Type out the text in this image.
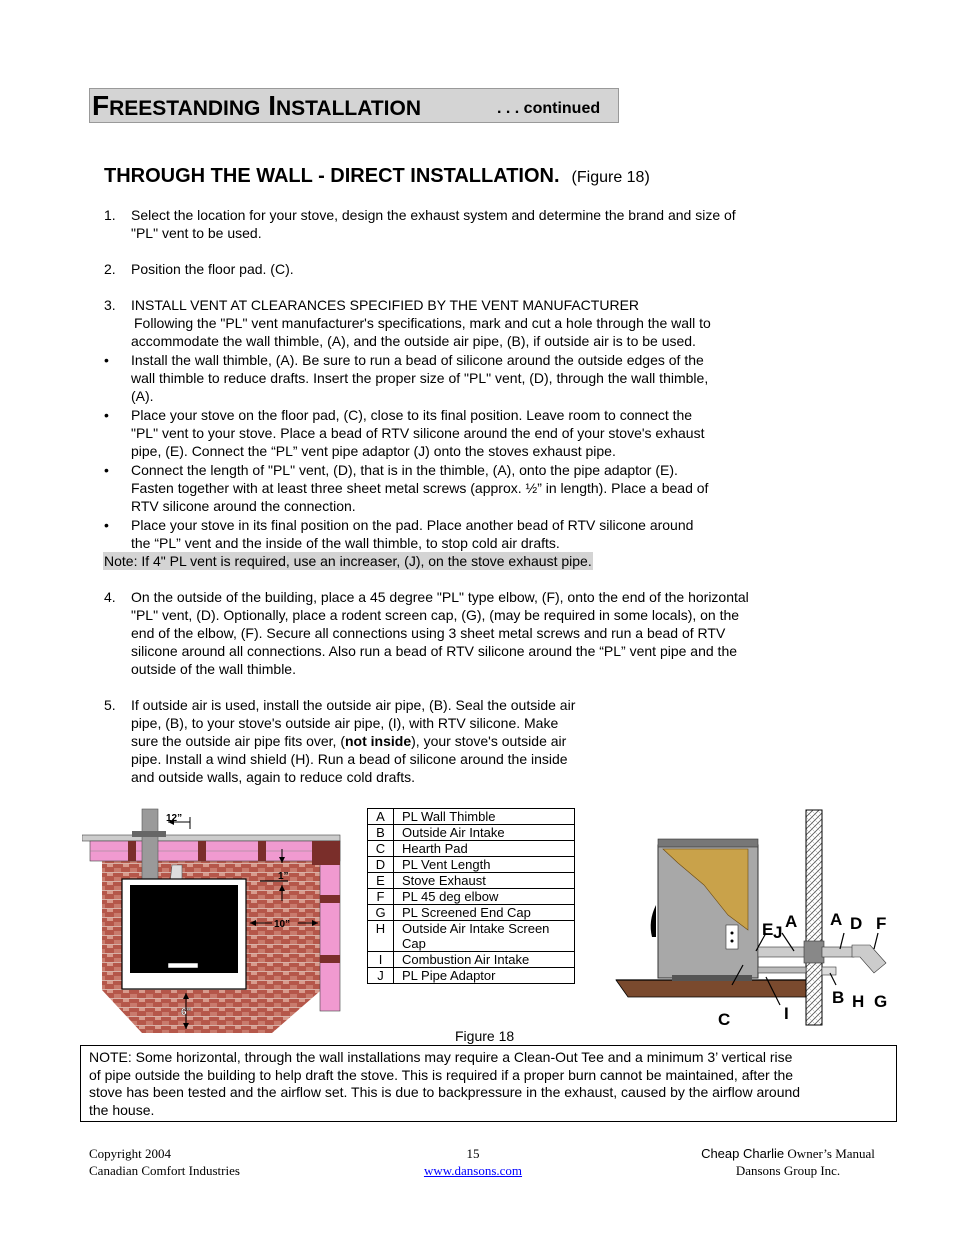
FREESTANDING INSTALLATION	. . . continued
THROUGH THE WALL - DIRECT INSTALLATION. (Figure 18)
1. Select the location for your stove, design the exhaust system and determine the brand and size of
"PL" vent to be used.
2. Position the floor pad. (C).
3. INSTALL VENT AT CLEARANCES SPECIFIED BY THE VENT MANUFACTURER
Following the "PL" vent manufacturer's specifications, mark and cut a hole through the wall to
accommodate the wall thimble, (A), and the outside air pipe, (B), if outside air is to be used.
• Install the wall thimble, (A). Be sure to run a bead of silicone around the outside edges of the
wall thimble to reduce drafts. Insert the proper size of "PL" vent, (D), through the wall thimble,
(A).
• Place your stove on the floor pad, (C), close to its final position. Leave room to connect the
"PL" vent to your stove. Place a bead of RTV silicone around the end of your stove's exhaust
pipe, (E). Connect the “PL” vent pipe adaptor (J) onto the stoves exhaust pipe.
• Connect the length of "PL" vent, (D), that is in the thimble, (A), onto the pipe adaptor (E).
Fasten together with at least three sheet metal screws (approx. ½” in length). Place a bead of
RTV silicone around the connection.
• Place your stove in its final position on the pad. Place another bead of RTV silicone around
the “PL” vent and the inside of the wall thimble, to stop cold air drafts.
Note: If 4" PL vent is required, use an increaser, (J), on the stove exhaust pipe.
4. On the outside of the building, place a 45 degree "PL" type elbow, (F), onto the end of the horizontal
"PL" vent, (D). Optionally, place a rodent screen cap, (G), (may be required in some locals), on the
end of the elbow, (F). Secure all connections using 3 sheet metal screws and run a bead of RTV
silicone around all connections. Also run a bead of RTV silicone around the “PL” vent pipe and the
outside of the wall thimble.
5. If outside air is used, install the outside air pipe, (B). Seal the outside air
pipe, (B), to your stove's outside air pipe, (I), with RTV silicone. Make
sure the outside air pipe fits over, (not inside), your stove's outside air
pipe. Install a wind shield (H). Run a bead of silicone around the inside
and outside walls, again to reduce cold drafts.
12”
1”
10”
6"
A	PL Wall Thimble
B	Outside Air Intake
C	Hearth Pad
D	PL Vent Length
E	Stove Exhaust
F	PL 45 deg elbow
G	PL Screened End Cap
H	Outside Air Intake Screen
Cap
I	Combustion Air Intake
J	PL Pipe Adaptor
E J
A A D F
B H G
C	I
Figure 18
NOTE: Some horizontal, through the wall installations may require a Clean-Out Tee and a minimum 3’ vertical rise
of pipe outside the building to help draft the stove. This is required if a proper burn cannot be maintained, after the
stove has been tested and the airflow set. This is due to backpressure in the exhaust, caused by the airflow around
the house.
Copyright 2004
Canadian Comfort Industries
15
www.dansons.com
Cheap Charlie Owner’s Manual
Dansons Group Inc.
